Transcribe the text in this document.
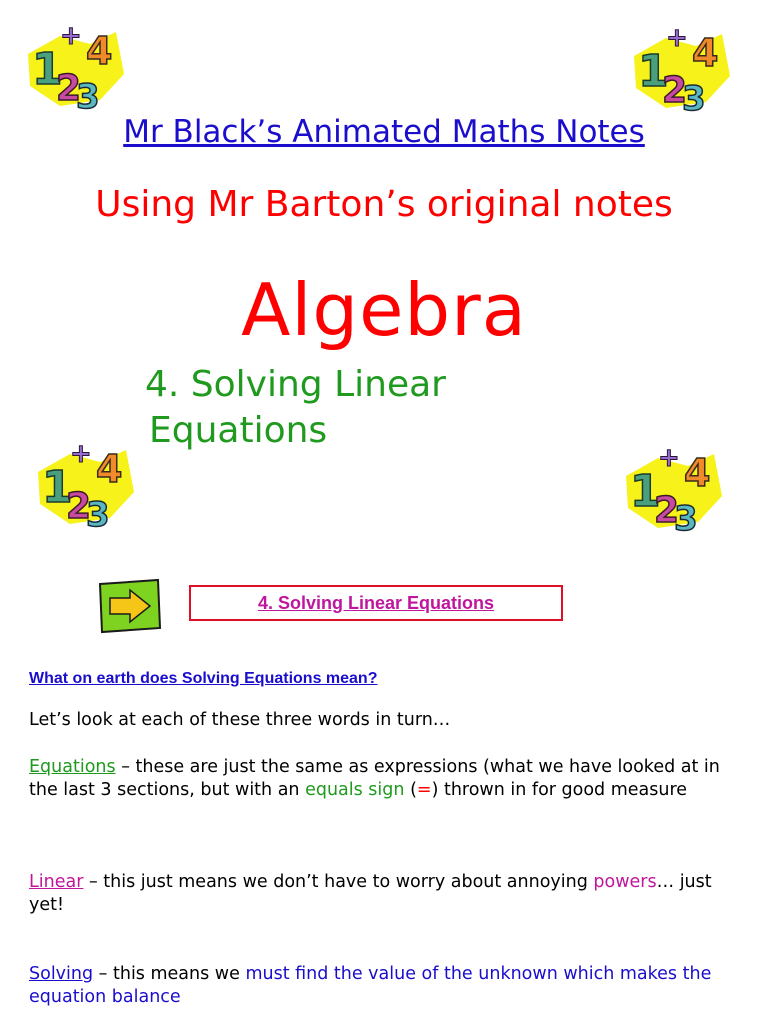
1
2
3
4
+
1
2
3
4
+
1
2
3
4
+
1
2
3
4
+
Mr Black’s Animated Maths Notes
Using Mr Barton’s original notes
Algebra
4. Solving Linear
Equations
4. Solving Linear Equations
What on earth does Solving Equations mean?
Let’s look at each of these three words in turn…
Equations – these are just the same as expressions (what we have looked at in
the last 3 sections, but with an equals sign (=) thrown in for good measure
Linear – this just means we don’t have to worry about annoying powers… just
yet!
Solving – this means we must find the value of the unknown which makes the
equation balance
